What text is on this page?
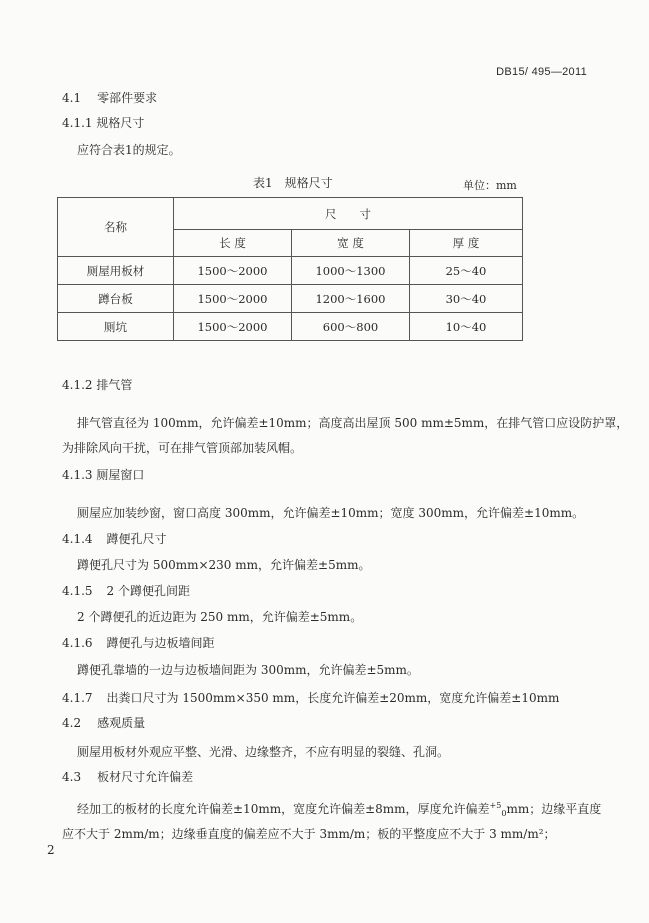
DB15/ 495—2011
4.1 零部件要求
4.1.1 规格尺寸
应符合表1的规定。
表1　规格尺寸	单位：mm
名称	尺　　寸		
	长 度	宽 度	厚 度
厕屋用板材	1500～2000	1000～1300	25～40
蹲台板	1500～2000	1200～1600	30～40
厕坑	1500～2000	600～800	10～40
4.1.2 排气管
排气管直径为 100mm，允许偏差±10mm；高度高出屋顶 500 mm±5mm，在排气管口应设防护罩，
为排除风向干扰，可在排气管顶部加装风帽。
4.1.3 厕屋窗口
厕屋应加装纱窗，窗口高度 300mm，允许偏差±10mm；宽度 300mm，允许偏差±10mm。
4.1.4 蹲便孔尺寸
蹲便孔尺寸为 500mm×230 mm，允许偏差±5mm。
4.1.5 2 个蹲便孔间距
2 个蹲便孔的近边距为 250 mm，允许偏差±5mm。
4.1.6 蹲便孔与边板墙间距
蹲便孔靠墙的一边与边板墙间距为 300mm，允许偏差±5mm。
4.1.7 出粪口尺寸为 1500mm×350 mm，长度允许偏差±20mm，宽度允许偏差±10mm
4.2 感观质量
厕屋用板材外观应平整、光滑、边缘整齐，不应有明显的裂缝、孔洞。
4.3 板材尺寸允许偏差
经加工的板材的长度允许偏差±10mm，宽度允许偏差±8mm，厚度允许偏差$^{+5}_0$mm；边缘平直度
应不大于 2mm/m；边缘垂直度的偏差应不大于 3mm/m；板的平整度应不大于 3 mm/m²；
2
